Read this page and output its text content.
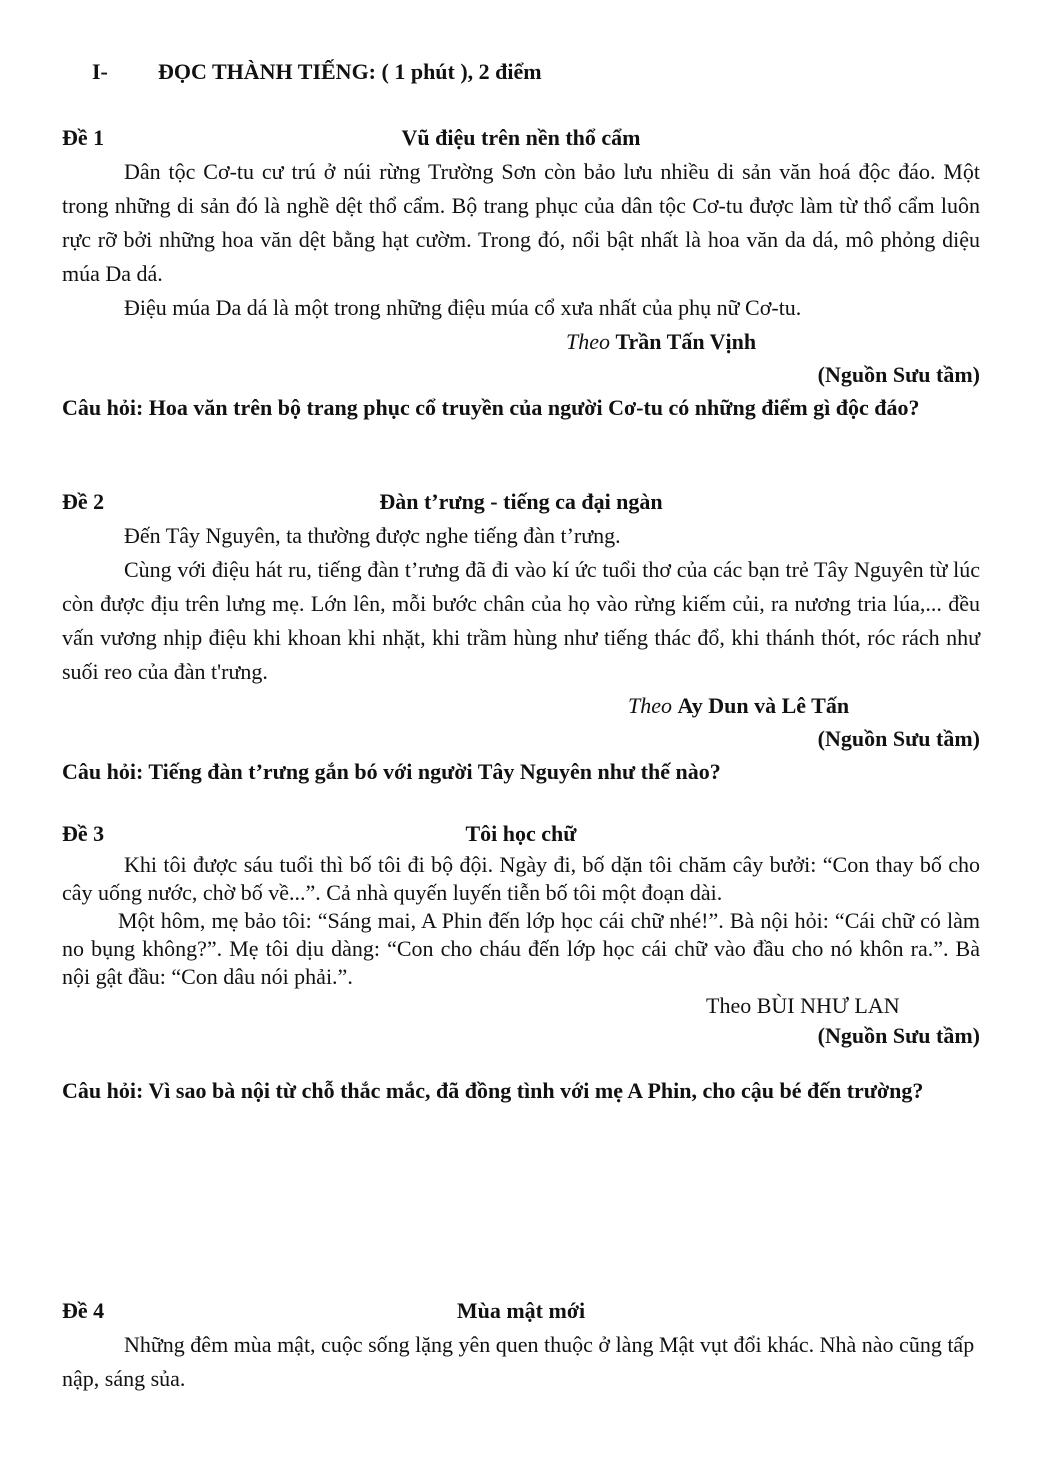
I- ĐỌC THÀNH TIẾNG: ( 1 phút ), 2 điểm
Đề 1	Vũ điệu trên nền thổ cẩm

Dân tộc Cơ-tu cư trú ở núi rừng Trường Sơn còn bảo lưu nhiều di sản văn hoá độc đáo. Một trong những di sản đó là nghề dệt thổ cẩm. Bộ trang phục của dân tộc Cơ-tu được làm từ thổ cẩm luôn rực rỡ bởi những hoa văn dệt bằng hạt cườm. Trong đó, nổi bật nhất là hoa văn da dá, mô phỏng diệu múa Da dá.

Điệu múa Da dá là một trong những điệu múa cổ xưa nhất của phụ nữ Cơ-tu.

Theo Trần Tấn Vịnh
(Nguồn Sưu tầm)

Câu hỏi: Hoa văn trên bộ trang phục cổ truyền của người Cơ-tu có những điểm gì độc đáo?

Đề 2	Đàn t’rưng - tiếng ca đại ngàn

Đến Tây Nguyên, ta thường được nghe tiếng đàn t’rưng.

Cùng với điệu hát ru, tiếng đàn t’rưng đã đi vào kí ức tuổi thơ của các bạn trẻ Tây Nguyên từ lúc còn được địu trên lưng mẹ. Lớn lên, mỗi bước chân của họ vào rừng kiếm củi, ra nương tria lúa,... đều vấn vương nhịp điệu khi khoan khi nhặt, khi trầm hùng như tiếng thác đổ, khi thánh thót, róc rách như suối reo của đàn t'rưng.

Theo Ay Dun và Lê Tấn
(Nguồn Sưu tầm)

Câu hỏi: Tiếng đàn t’rưng gắn bó với người Tây Nguyên như thế nào?

Đề 3	Tôi học chữ

Khi tôi được sáu tuổi thì bố tôi đi bộ đội. Ngày đi, bố dặn tôi chăm cây bưởi: “Con thay bố cho cây uống nước, chờ bố về...”. Cả nhà quyến luyến tiễn bố tôi một đoạn dài.

Một hôm, mẹ bảo tôi: “Sáng mai, A Phin đến lớp học cái chữ nhé!”. Bà nội hỏi: “Cái chữ có làm no bụng không?”. Mẹ tôi dịu dàng: “Con cho cháu đến lớp học cái chữ vào đầu cho nó khôn ra.”. Bà nội gật đầu: “Con dâu nói phải.”.

Theo BÙI NHƯ LAN
(Nguồn Sưu tầm)

Câu hỏi: Vì sao bà nội từ chỗ thắc mắc, đã đồng tình với mẹ A Phin, cho cậu bé đến trường?

Đề 4	Mùa mật mới

Những đêm mùa mật, cuộc sống lặng yên quen thuộc ở làng Mật vụt đổi khác. Nhà nào cũng tấp nập, sáng sủa.
